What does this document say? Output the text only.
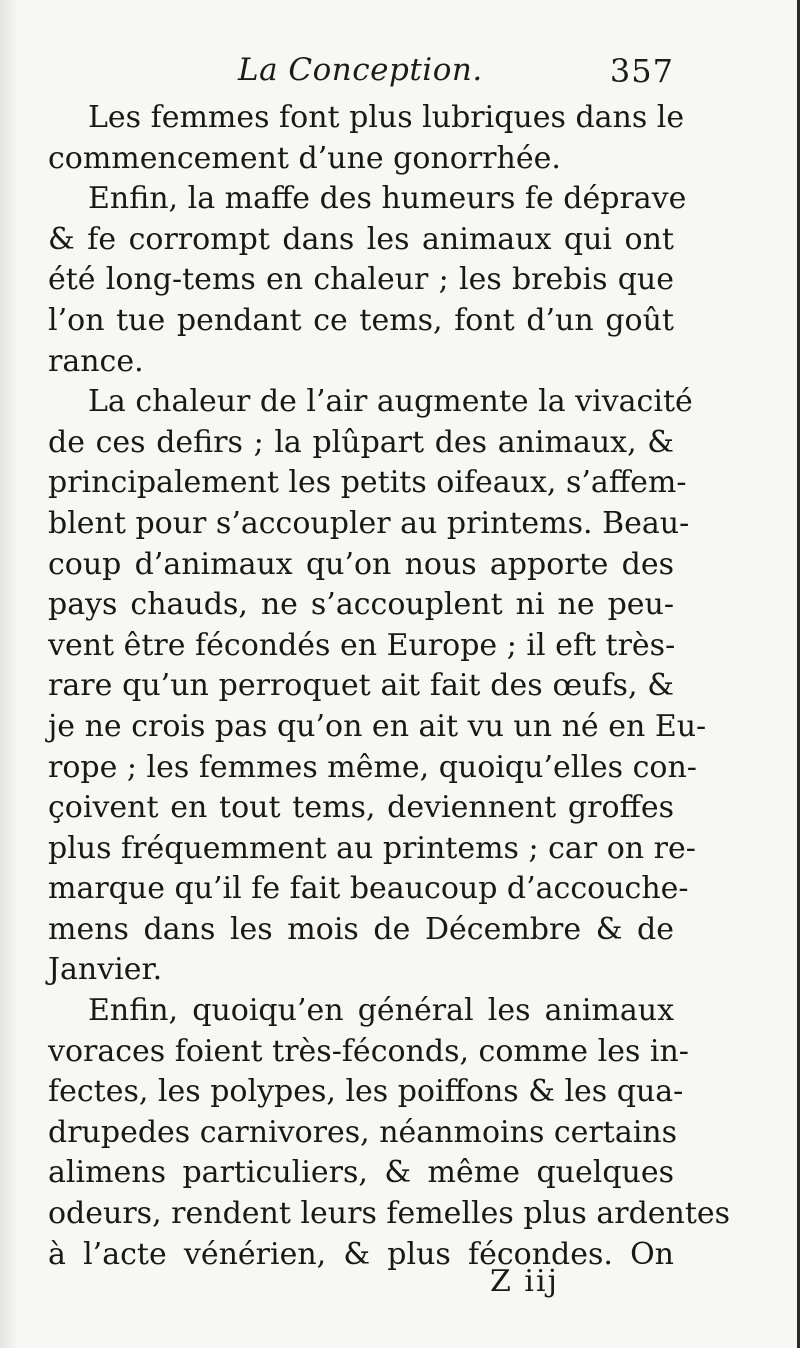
La Conception.	357
Les femmes font plus lubriques dans le
commencement d’une gonorrhée.
Enfin, la maffe des humeurs fe déprave
& fe corrompt dans les animaux qui ont
été long-tems en chaleur ; les brebis que
l’on tue pendant ce tems, font d’un goût
rance.
La chaleur de l’air augmente la vivacité
de ces defirs ; la plûpart des animaux, &
principalement les petits oifeaux, s’affem-
blent pour s’accoupler au printems. Beau-
coup d’animaux qu’on nous apporte des
pays chauds, ne s’accouplent ni ne peu-
vent être fécondés en Europe ; il eft très-
rare qu’un perroquet ait fait des œufs, &
je ne crois pas qu’on en ait vu un né en Eu-
rope ; les femmes même, quoiqu’elles con-
çoivent en tout tems, deviennent groffes
plus fréquemment au printems ; car on re-
marque qu’il fe fait beaucoup d’accouche-
mens dans les mois de Décembre & de
Janvier.
Enfin, quoiqu’en général les animaux
voraces foient très-féconds, comme les in-
fectes, les polypes, les poiffons & les qua-
drupedes carnivores, néanmoins certains
alimens particuliers, & même quelques
odeurs, rendent leurs femelles plus ardentes
à l’acte vénérien, & plus fécondes. On
Z iij
